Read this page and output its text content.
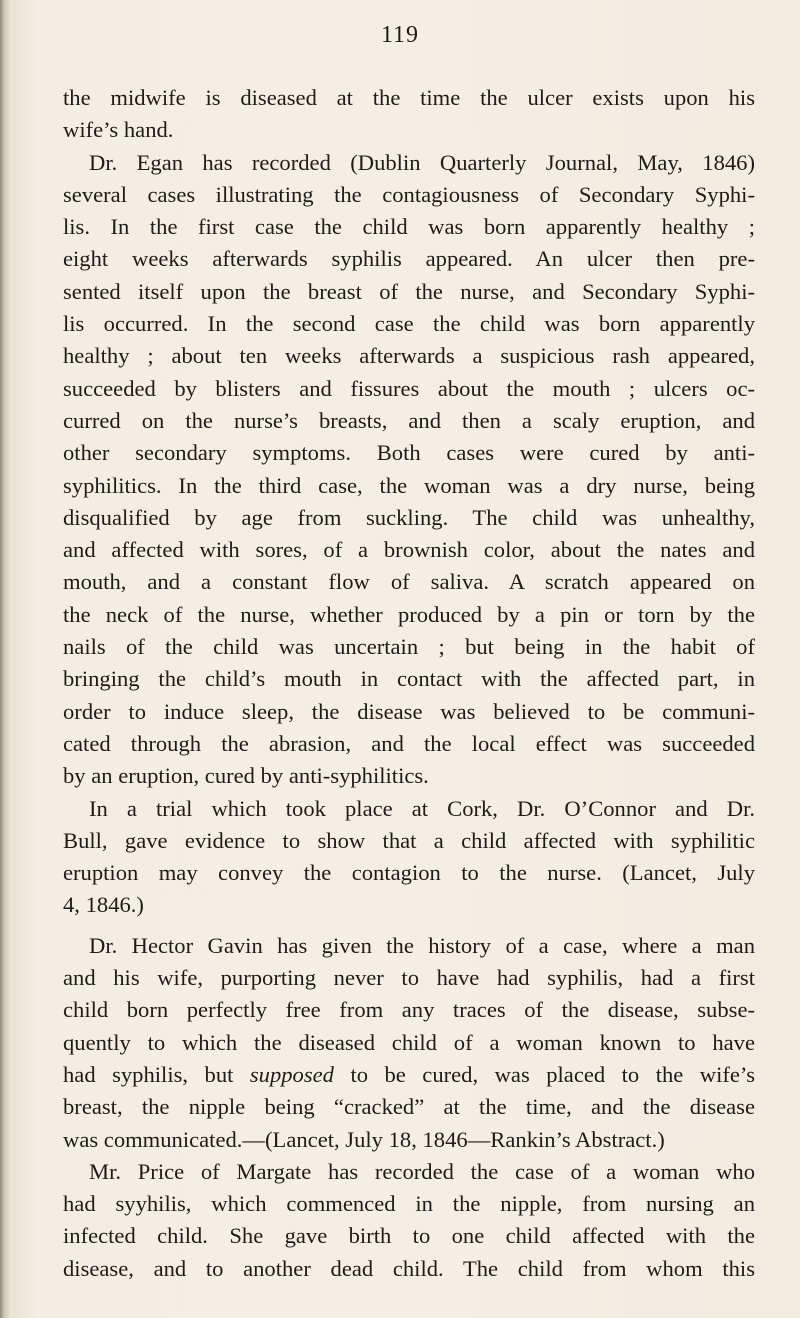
119
the midwife is diseased at the time the ulcer exists upon his
wife’s hand.
Dr. Egan has recorded (Dublin Quarterly Journal, May, 1846)
several cases illustrating the contagiousness of Secondary Syphi-
lis. In the first case the child was born apparently healthy ;
eight weeks afterwards syphilis appeared. An ulcer then pre-
sented itself upon the breast of the nurse, and Secondary Syphi-
lis occurred. In the second case the child was born apparently
healthy ; about ten weeks afterwards a suspicious rash appeared,
succeeded by blisters and fissures about the mouth ; ulcers oc-
curred on the nurse’s breasts, and then a scaly eruption, and
other secondary symptoms. Both cases were cured by anti-
syphilitics. In the third case, the woman was a dry nurse, being
disqualified by age from suckling. The child was unhealthy,
and affected with sores, of a brownish color, about the nates and
mouth, and a constant flow of saliva. A scratch appeared on
the neck of the nurse, whether produced by a pin or torn by the
nails of the child was uncertain ; but being in the habit of
bringing the child’s mouth in contact with the affected part, in
order to induce sleep, the disease was believed to be communi-
cated through the abrasion, and the local effect was succeeded
by an eruption, cured by anti-syphilitics.
In a trial which took place at Cork, Dr. O’Connor and Dr.
Bull, gave evidence to show that a child affected with syphilitic
eruption may convey the contagion to the nurse. (Lancet, July
4, 1846.)
Dr. Hector Gavin has given the history of a case, where a man
and his wife, purporting never to have had syphilis, had a first
child born perfectly free from any traces of the disease, subse-
quently to which the diseased child of a woman known to have
had syphilis, but supposed to be cured, was placed to the wife’s
breast, the nipple being “cracked” at the time, and the disease
was communicated.—(Lancet, July 18, 1846—Rankin’s Abstract.)
Mr. Price of Margate has recorded the case of a woman who
had syyhilis, which commenced in the nipple, from nursing an
infected child. She gave birth to one child affected with the
disease, and to another dead child. The child from whom this
